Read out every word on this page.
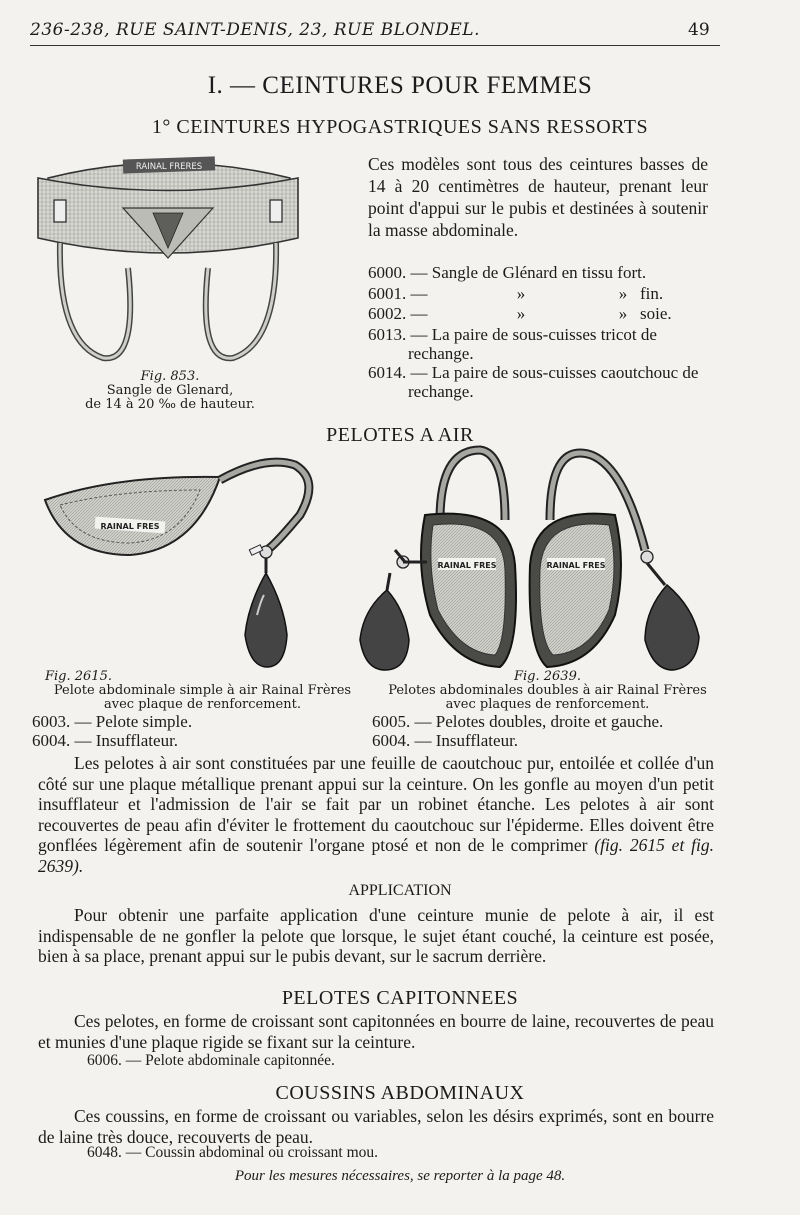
236-238, RUE SAINT-DENIS, 23, RUE BLONDEL.	49
I. — CEINTURES POUR FEMMES
1° CEINTURES HYPOGASTRIQUES SANS RESSORTS
RAINAL FRERES
Fig. 853.
Sangle de Glenard,
de 14 à 20 ‰ de hauteur.
Ces modèles sont tous des ceintures basses de 14 à 20 centimètres de hauteur, prenant leur point d'appui sur le pubis et destinées à soutenir la masse abdominale.
6000. — Sangle de Glénard en tissu fort.
6001. —                     »                      »   fin.
6002. —                     »                      »   soie.
6013. — La paire de sous-cuisses tricot de rechange.
6014. — La paire de sous-cuisses caoutchouc de rechange.
PELOTES A AIR
RAINAL FRES
RAINAL FRES	RAINAL FRES
Fig. 2615.
Pelote abdominale simple à air Rainal Frères
avec plaque de renforcement.
Fig. 2639.
Pelotes abdominales doubles à air Rainal Frères
avec plaques de renforcement.
6003. — Pelote simple.
6004. — Insufflateur.
6005. — Pelotes doubles, droite et gauche.
6004. — Insufflateur.
Les pelotes à air sont constituées par une feuille de caoutchouc pur, entoilée et collée d'un côté sur une plaque métallique prenant appui sur la ceinture. On les gonfle au moyen d'un petit insufflateur et l'admission de l'air se fait par un robinet étanche. Les pelotes à air sont recouvertes de peau afin d'éviter le frottement du caoutchouc sur l'épiderme. Elles doivent être gonflées légèrement afin de soutenir l'organe ptosé et non de le comprimer (fig. 2615 et fig. 2639).
APPLICATION
Pour obtenir une parfaite application d'une ceinture munie de pelote à air, il est indispensable de ne gonfler la pelote que lorsque, le sujet étant couché, la ceinture est posée, bien à sa place, prenant appui sur le pubis devant, sur le sacrum derrière.
PELOTES CAPITONNEES
Ces pelotes, en forme de croissant sont capitonnées en bourre de laine, recouvertes de peau et munies d'une plaque rigide se fixant sur la ceinture.
6006. — Pelote abdominale capitonnée.
COUSSINS ABDOMINAUX
Ces coussins, en forme de croissant ou variables, selon les désirs exprimés, sont en bourre de laine très douce, recouverts de peau.
6048. — Coussin abdominal ou croissant mou.
Pour les mesures nécessaires, se reporter à la page 48.
